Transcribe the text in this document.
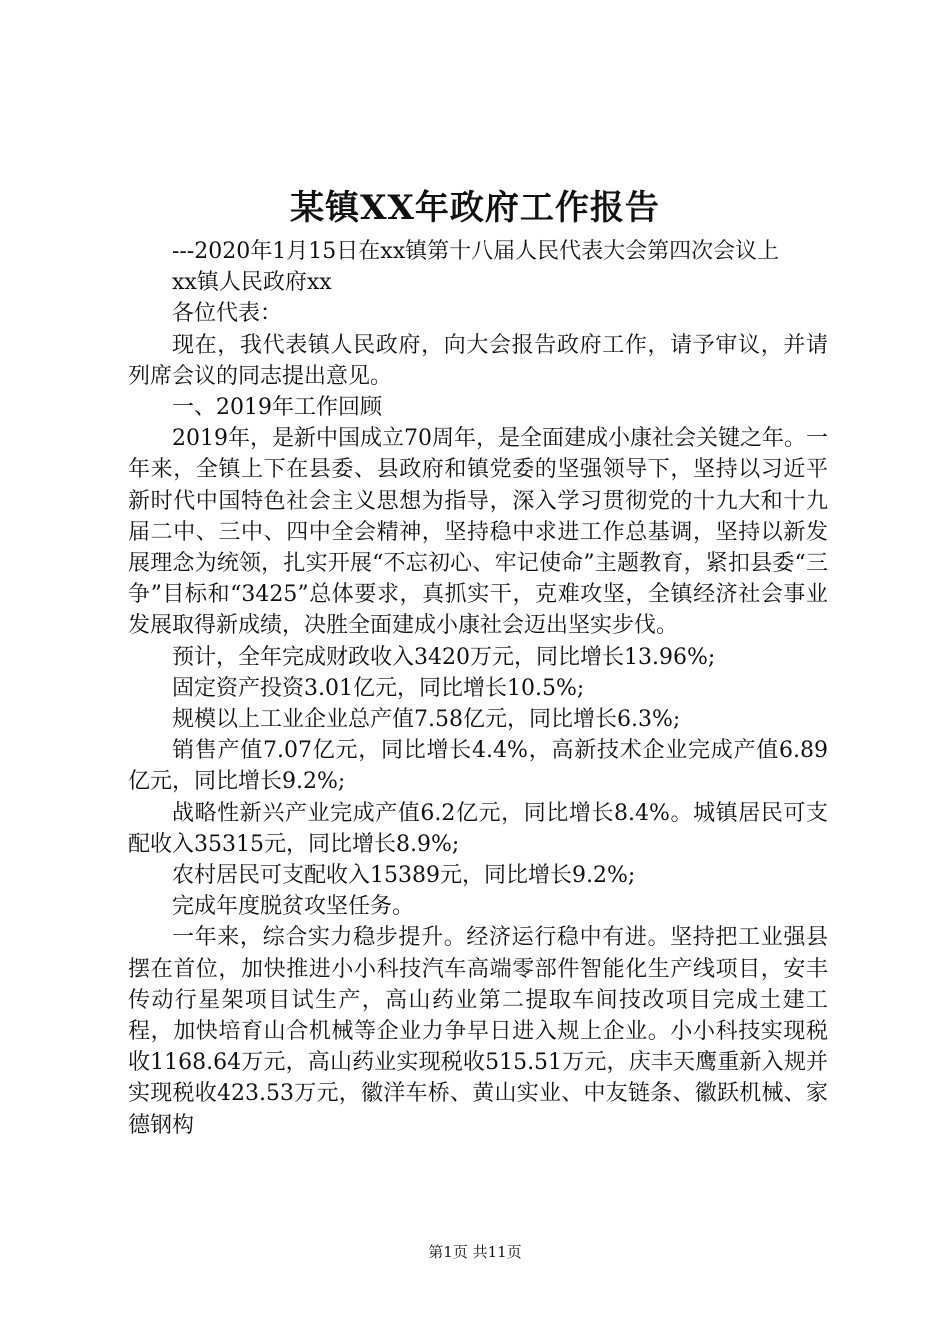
某镇XX年政府工作报告

---2020年1月15日在xx镇第十八届人民代表大会第四次会议上

xx镇人民政府xx

各位代表：

现在，我代表镇人民政府，向大会报告政府工作，请予审议，并请列席会议的同志提出意见。

一、2019年工作回顾

2019年，是新中国成立70周年，是全面建成小康社会关键之年。一年来，全镇上下在县委、县政府和镇党委的坚强领导下，坚持以习近平新时代中国特色社会主义思想为指导，深入学习贯彻党的十九大和十九届二中、三中、四中全会精神，坚持稳中求进工作总基调，坚持以新发展理念为统领，扎实开展“不忘初心、牢记使命”主题教育，紧扣县委“三争”目标和“3425”总体要求，真抓实干，克难攻坚，全镇经济社会事业发展取得新成绩，决胜全面建成小康社会迈出坚实步伐。

预计，全年完成财政收入3420万元，同比增长13.96%;

固定资产投资3.01亿元，同比增长10.5%;

规模以上工业企业总产值7.58亿元，同比增长6.3%;

销售产值7.07亿元，同比增长4.4%，高新技术企业完成产值6.89亿元，同比增长9.2%;

战略性新兴产业完成产值6.2亿元，同比增长8.4%。城镇居民可支配收入35315元，同比增长8.9%;

农村居民可支配收入15389元，同比增长9.2%;

完成年度脱贫攻坚任务。

一年来，综合实力稳步提升。经济运行稳中有进。坚持把工业强县摆在首位，加快推进小小科技汽车高端零部件智能化生产线项目，安丰传动行星架项目试生产，高山药业第二提取车间技改项目完成土建工程，加快培育山合机械等企业力争早日进入规上企业。小小科技实现税收1168.64万元，高山药业实现税收515.51万元，庆丰天鹰重新入规并实现税收423.53万元，徽洋车桥、黄山实业、中友链条、徽跃机械、家德钢构

第1页 共11页
